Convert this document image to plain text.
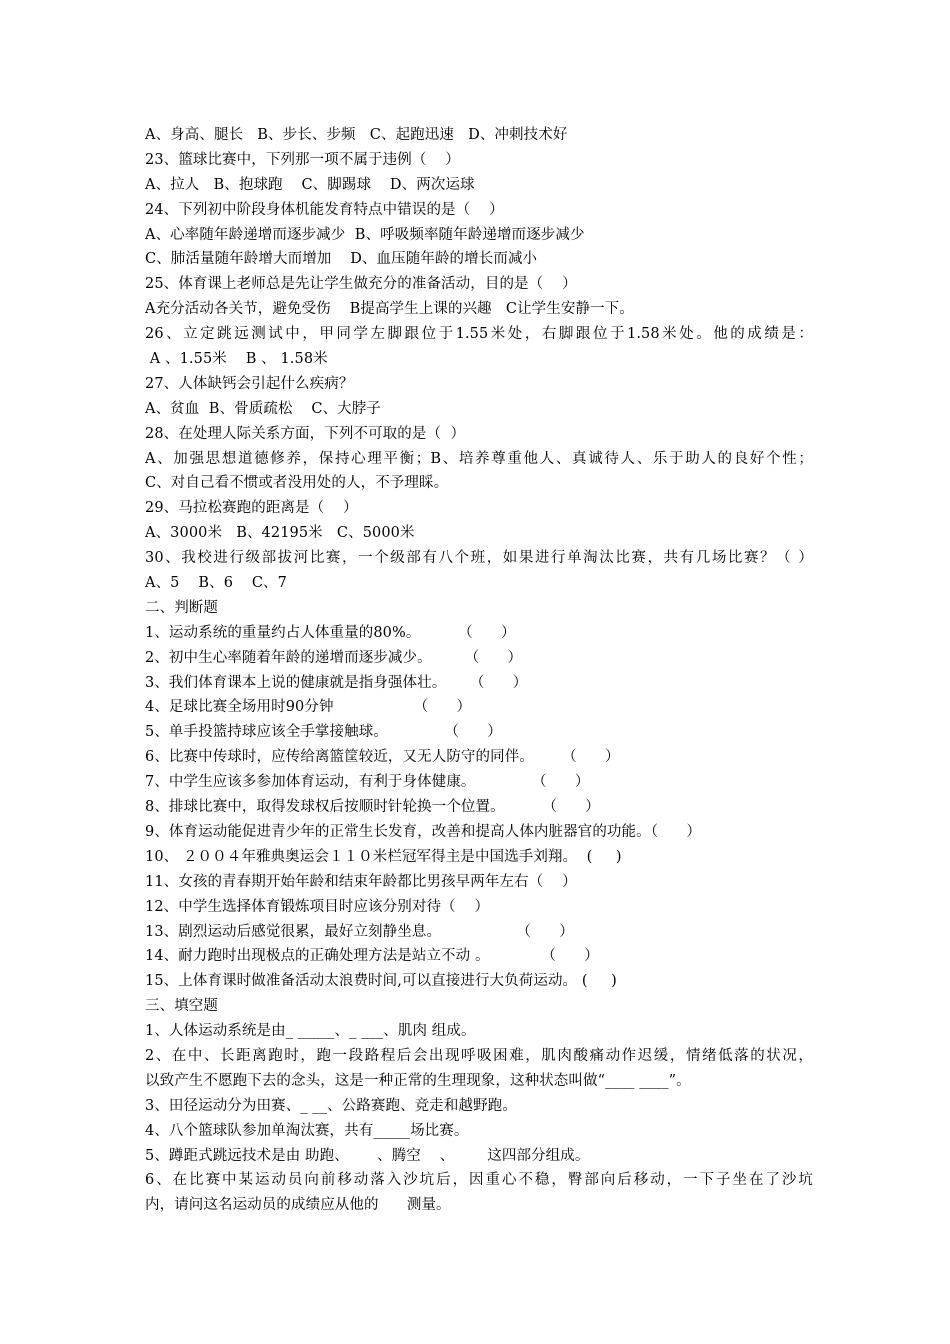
A、身高、腿长   B、步长、步频   C、起跑迅速   D、冲刺技术好
23、篮球比赛中，下列那一项不属于违例（    ）
A、拉人   B、抱球跑    C、脚踢球    D、两次运球
24、下列初中阶段身体机能发育特点中错误的是（    ）
A、心率随年龄递增而逐步减少  B、呼吸频率随年龄递增而逐步减少
C、肺活量随年龄增大而增加    D、血压随年龄的增长而减小
25、体育课上老师总是先让学生做充分的准备活动，目的是（    ）
A充分活动各关节，避免受伤    B提高学生上课的兴趣   C让学生安静一下。
26、立定跳远测试中，甲同学左脚跟位于1.55米处，右脚跟位于1.58米处。他的成绩是：
A 、1.55米    B 、 1.58米
27、人体缺钙会引起什么疾病？
A、贫血  B、骨质疏松    C、大脖子
28、在处理人际关系方面，下列不可取的是（  ）
A、加强思想道德修养，保持心理平衡；B、培养尊重他人、真诚待人、乐于助人的良好个性；
C、对自己看不惯或者没用处的人，不予理睬。
29、马拉松赛跑的距离是（    ）
A、3000米   B、42195米   C、5000米
30、我校进行级部拔河比赛，一个级部有八个班，如果进行单淘汰比赛，共有几场比赛？（ ）
A、5    B、6    C、7
二、判断题
1、运动系统的重量约占人体重量的80%。        （      ）
2、初中生心率随着年龄的递增而逐步减少。       （      ）
3、我们体育课本上说的健康就是指身强体壮。     （      ）
4、足球比赛全场用时90分钟                 （      ）
5、单手投篮持球应该全手掌接触球。            （      ）
6、比赛中传球时，应传给离篮筐较近，又无人防守的同伴。      （      ）
7、中学生应该多参加体育运动，有利于身体健康。            （      ）
8、排球比赛中，取得发球权后按顺时针轮换一个位置。        （      ）
9、体育运动能促进青少年的正常生长发育，改善和提高人体内脏器官的功能。（      ）
10、 ２００４年雅典奥运会１１０米栏冠军得主是中国选手刘翔。  (     )
11、女孩的青春期开始年龄和结束年龄都比男孩早两年左右（    ）
12、中学生选择体育锻炼项目时应该分别对待（    ）
13、剧烈运动后感觉很累，最好立刻静坐息。                （      ）
14、耐力跑时出现极点的正确处理方法是站立不动 。           （      ）
15、上体育课时做准备活动太浪费时间,可以直接进行大负荷运动。 (     )
三、填空题
1、人体运动系统是由_ _____、_ ___、肌肉 组成。
2、在中、长距离跑时，跑一段路程后会出现呼吸困难，肌肉酸痛动作迟缓，情绪低落的状况，
以致产生不愿跑下去的念头，这是一种正常的生理现象，这种状态叫做“____ ____”。
3、田径运动分为田赛、_ __、公路赛跑、竞走和越野跑。
4、八个篮球队参加单淘汰赛，共有_____场比赛。
5、蹲距式跳远技术是由 助跑、      、腾空    、       这四部分组成。
6、在比赛中某运动员向前移动落入沙坑后，因重心不稳，臀部向后移动，一下子坐在了沙坑
内，请问这名运动员的成绩应从他的      测量。
